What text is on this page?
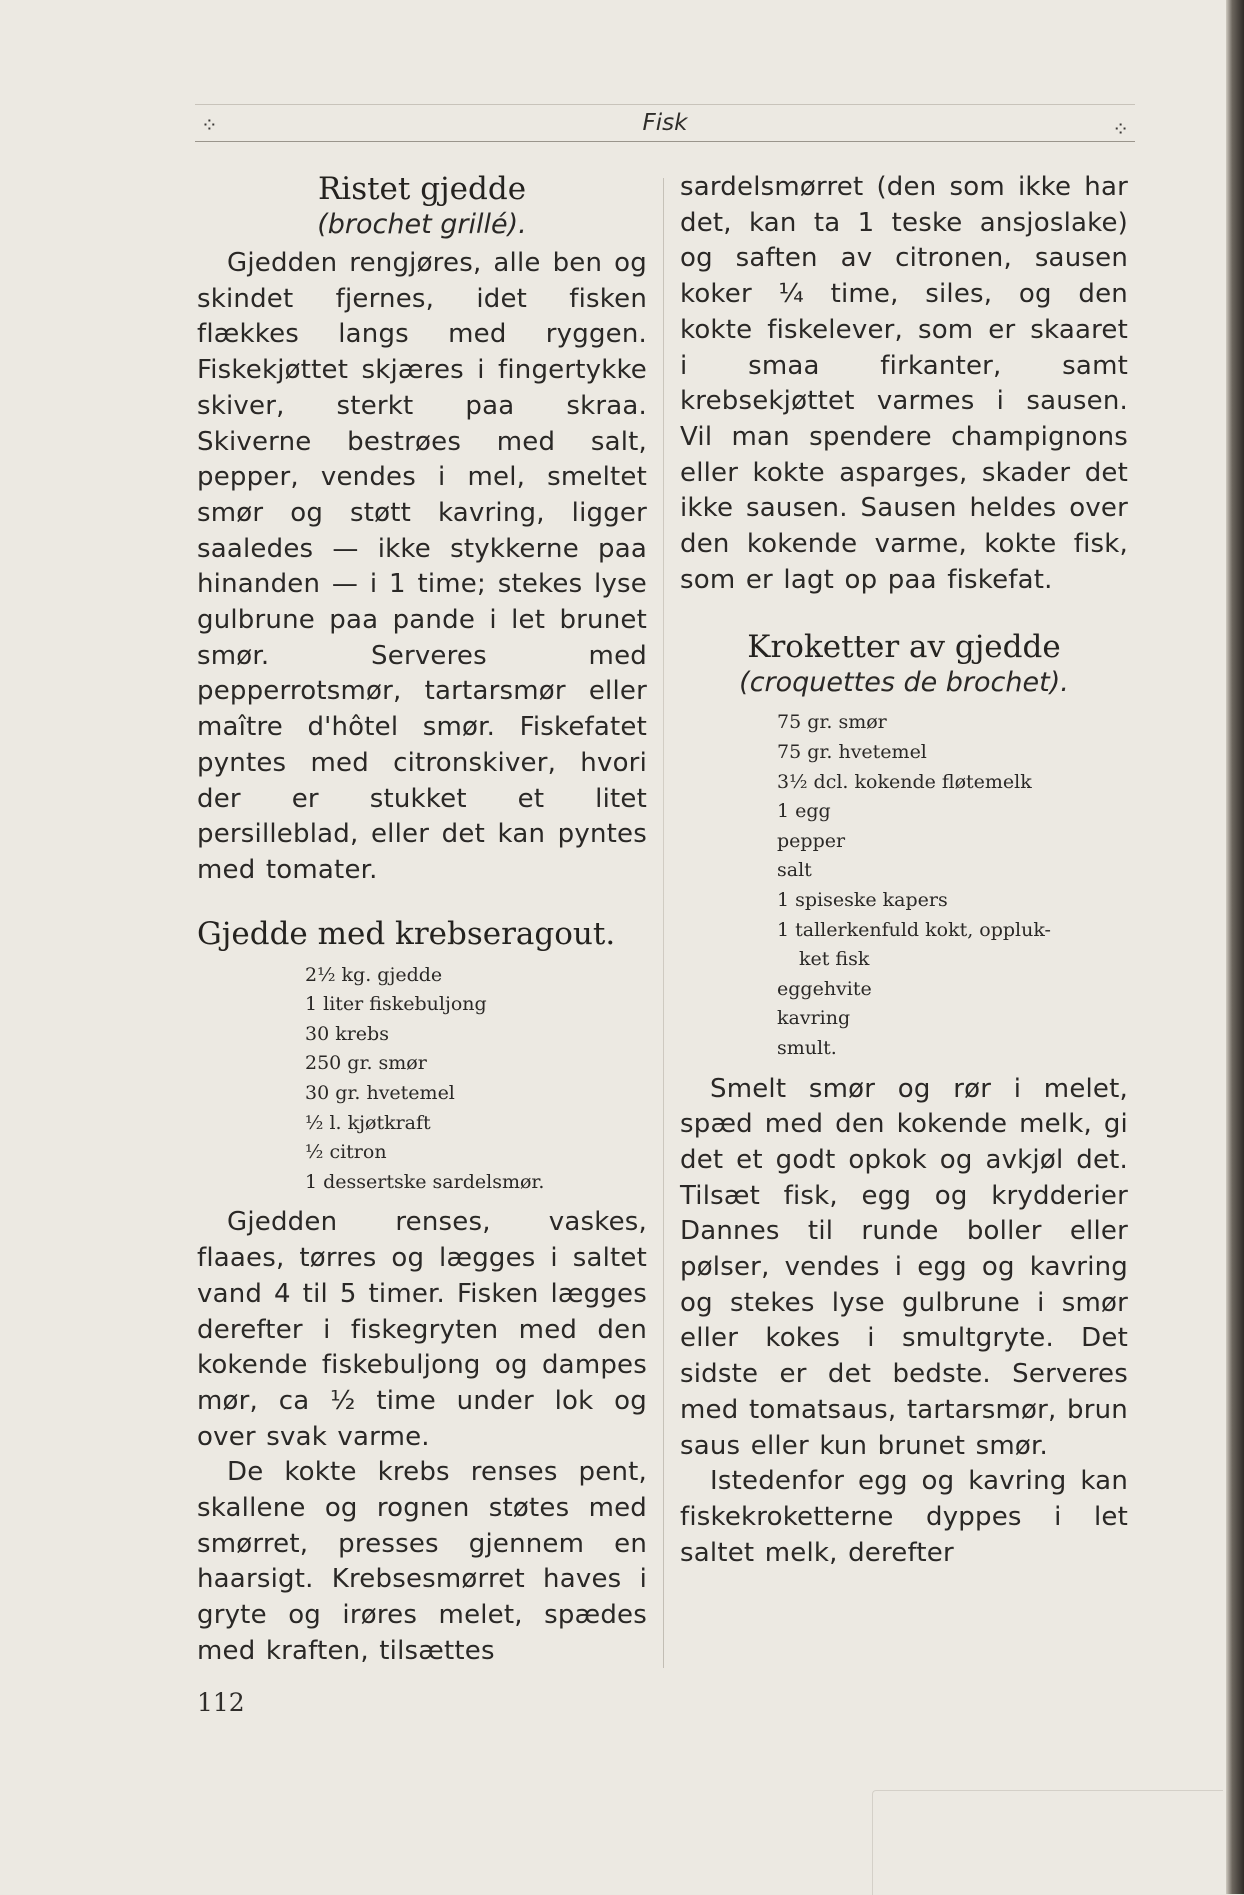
⁘	Fisk	⁘
Ristet gjedde
(brochet grillé).

Gjedden rengjøres, alle ben og skindet fjernes, idet fisken flækkes langs med ryggen. Fiskekjøttet skjæres i fingertykke skiver, sterkt paa skraa. Skiverne bestrøes med salt, pepper, vendes i mel, smeltet smør og støtt kavring, ligger saaledes — ikke stykkerne paa hinanden — i 1 time; stekes lyse gulbrune paa pande i let brunet smør. Serveres med pepperrotsmør, tartarsmør eller maître d'hôtel smør. Fiskefatet pyntes med citronskiver, hvori der er stukket et litet persilleblad, eller det kan pyntes med tomater.

Gjedde med krebseragout.
2½ kg. gjedde
1 liter fiskebuljong
30 krebs
250 gr. smør
30 gr. hvetemel
½ l. kjøtkraft
½ citron
1 dessertske sardelsmør.

Gjedden renses, vaskes, flaaes, tørres og lægges i saltet vand 4 til 5 timer. Fisken lægges derefter i fiskegryten med den kokende fiskebuljong og dampes mør, ca ½ time under lok og over svak varme.

De kokte krebs renses pent, skallene og rognen støtes med smørret, presses gjennem en haarsigt. Krebsesmørret haves i gryte og irøres melet, spædes med kraften, tilsættes

sardelsmørret (den som ikke har det, kan ta 1 teske ansjoslake) og saften av citronen, sausen koker ¼ time, siles, og den kokte fiskelever, som er skaaret i smaa firkanter, samt krebsekjøttet varmes i sausen. Vil man spendere champignons eller kokte asparges, skader det ikke sausen. Sausen heldes over den kokende varme, kokte fisk, som er lagt op paa fiskefat.

Kroketter av gjedde
(croquettes de brochet).
75 gr. smør
75 gr. hvetemel
3½ dcl. kokende fløtemelk
1 egg
pepper
salt
1 spiseske kapers
1 tallerkenfuld kokt, oppluk-
ket fisk
eggehvite
kavring
smult.

Smelt smør og rør i melet, spæd med den kokende melk, gi det et godt opkok og avkjøl det. Tilsæt fisk, egg og krydderier Dannes til runde boller eller pølser, vendes i egg og kavring og stekes lyse gulbrune i smør eller kokes i smultgryte. Det sidste er det bedste. Serveres med tomatsaus, tartarsmør, brun saus eller kun brunet smør.

Istedenfor egg og kavring kan fiskekroketterne dyppes i let saltet melk, derefter

112
